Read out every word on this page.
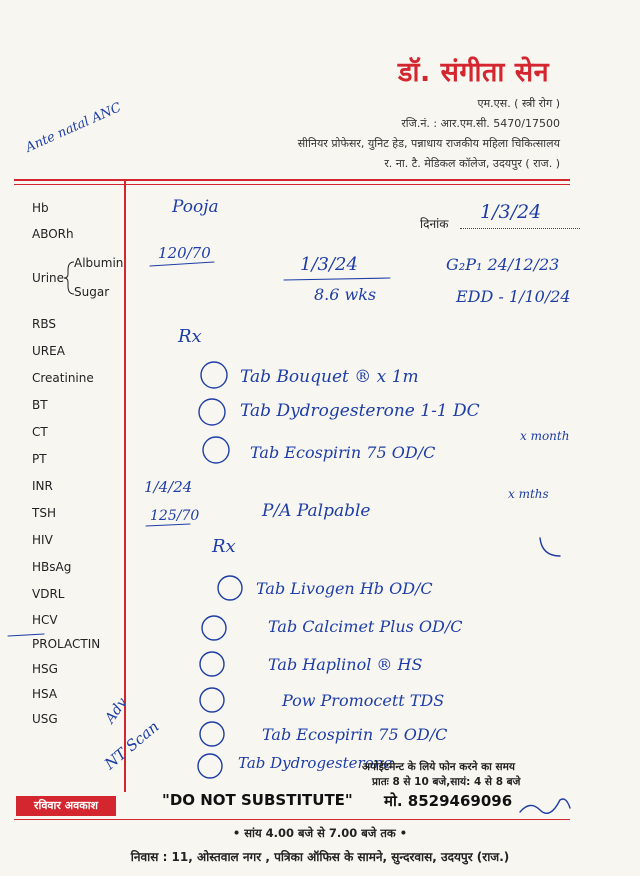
डॉ. संगीता सेन
एम.एस. ( स्त्री रोग )
रजि.नं. : आर.एम.सी. 5470/17500
सीनियर प्रोफेसर, युनिट हेड, पन्नाधाय राजकीय महिला चिकित्सालय
र. ना. टै. मेडिकल कॉलेज, उदयपुर ( राज. )
Hb
ABORh
Urine
Albumin
Sugar
RBS
UREA
Creatinine
BT
CT
PT
INR
TSH
HIV
HBsAg
VDRL
HCV
PROLACTIN
HSG
HSA
USG
दिनांक
Ante natal ANC
Pooja	1/3/24
120/70
1/3/24
8.6 wks
G₂P₁ 24/12/23
EDD - 1/10/24
Rx
Tab Bouquet ® x 1m
Tab Dydrogesterone 1-1 DC
x month
Tab Ecospirin 75 OD/C
x mths
1/4/24
125/70	P/A Palpable
Rx
Tab Livogen Hb OD/C
Tab Calcimet Plus OD/C
Tab Haplinol ® HS
Pow Promocett TDS
Tab Ecospirin 75 OD/C
Tab Dydrogesterone
Adv
NT Scan	अपोईटमेन्ट के लिये फोन करने का समय
प्रातः 8 से 10 बजे,सायं: 4 से 8 बजे
रविवार अवकाश	"DO NOT SUBSTITUTE" मो. 8529469096
• सांय 4.00 बजे से 7.00 बजे तक •
निवास : 11, ओस्तवाल नगर , पत्रिका ऑफिस के सामने, सुन्दरवास, उदयपुर (राज.)
